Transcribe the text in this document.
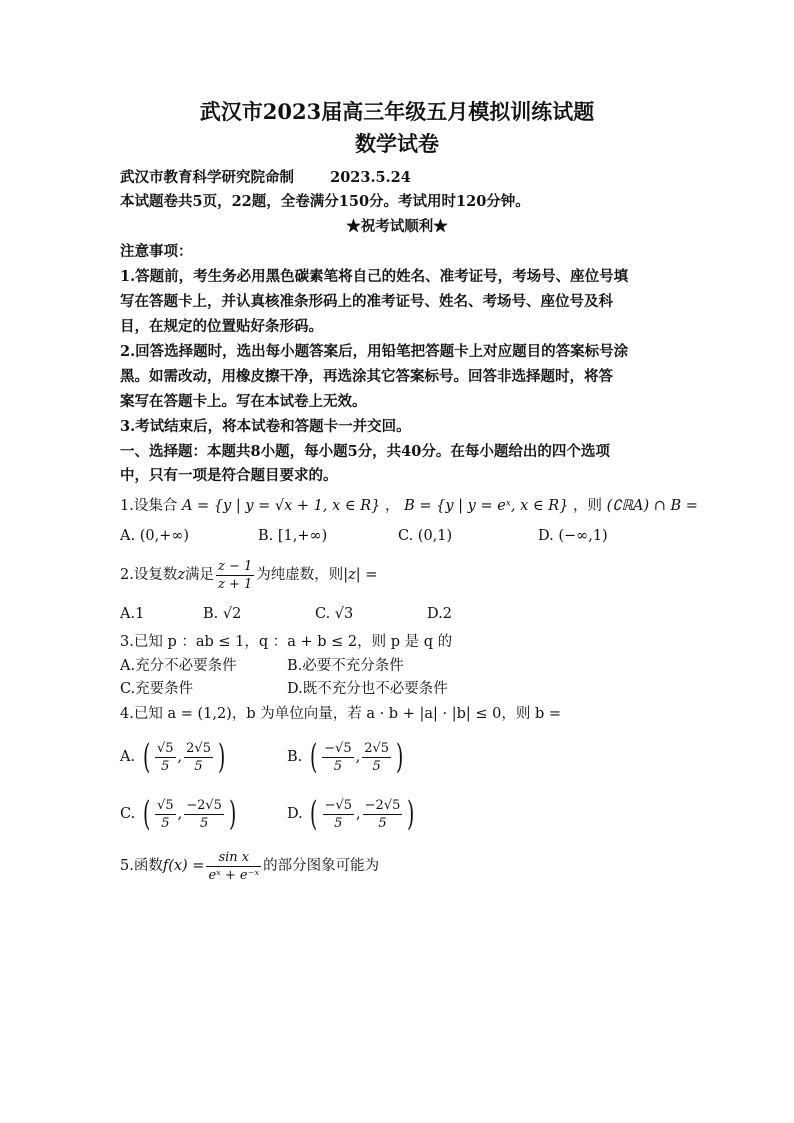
武汉市2023届高三年级五月模拟训练试题
数学试卷
武汉市教育科学研究院命制 2023.5.24
本试题卷共5页，22题，全卷满分150分。考试用时120分钟。
★祝考试顺利★
注意事项：
1.答题前，考生务必用黑色碳素笔将自己的姓名、准考证号，考场号、座位号填
写在答题卡上，并认真核准条形码上的准考证号、姓名、考场号、座位号及科
目，在规定的位置贴好条形码。
2.回答选择题时，选出每小题答案后，用铅笔把答题卡上对应题目的答案标号涂
黑。如需改动，用橡皮擦干净，再选涂其它答案标号。回答非选择题时，将答
案写在答题卡上。写在本试卷上无效。
3.考试结束后，将本试卷和答题卡一并交回。
一、选择题：本题共8小题，每小题5分，共40分。在每小题给出的四个选项
中，只有一项是符合题目要求的。
1.设集合 A = {y | y = √x + 1, x ∈ R} ， B = {y | y = eˣ, x ∈ R} ，则 (∁ℝA) ∩ B =
A. (0,+∞)	B. [1,+∞)	C. (0,1)	D. (−∞,1)
2.设复数z满足 $\frac{z - 1}{z + 1}$ 为纯虚数，则|z| =
A.1	B. √2	C. √3	D.2
3.已知 p ：ab ≤ 1，q ：a + b ≤ 2，则 p 是 q 的
A.充分不必要条件	B.必要不充分条件
C.充要条件	D.既不充分也不必要条件
4.已知 a = (1,2)，b 为单位向量，若 a · b + |a| · |b| ≤ 0，则 b =
A. ( $\frac{√5}{5}$ , $\frac{2√5}{5}$ )	B. ( $\frac{-√5}{5}$ , $\frac{2√5}{5}$ )
C. ( $\frac{√5}{5}$ , $\frac{-2√5}{5}$ )	D. ( $\frac{-√5}{5}$ , $\frac{-2√5}{5}$ )
5.函数$f(x) = \frac{\text{sin x}}{\text{eˣ + e⁻ˣ}}$ 的部分图象可能为
